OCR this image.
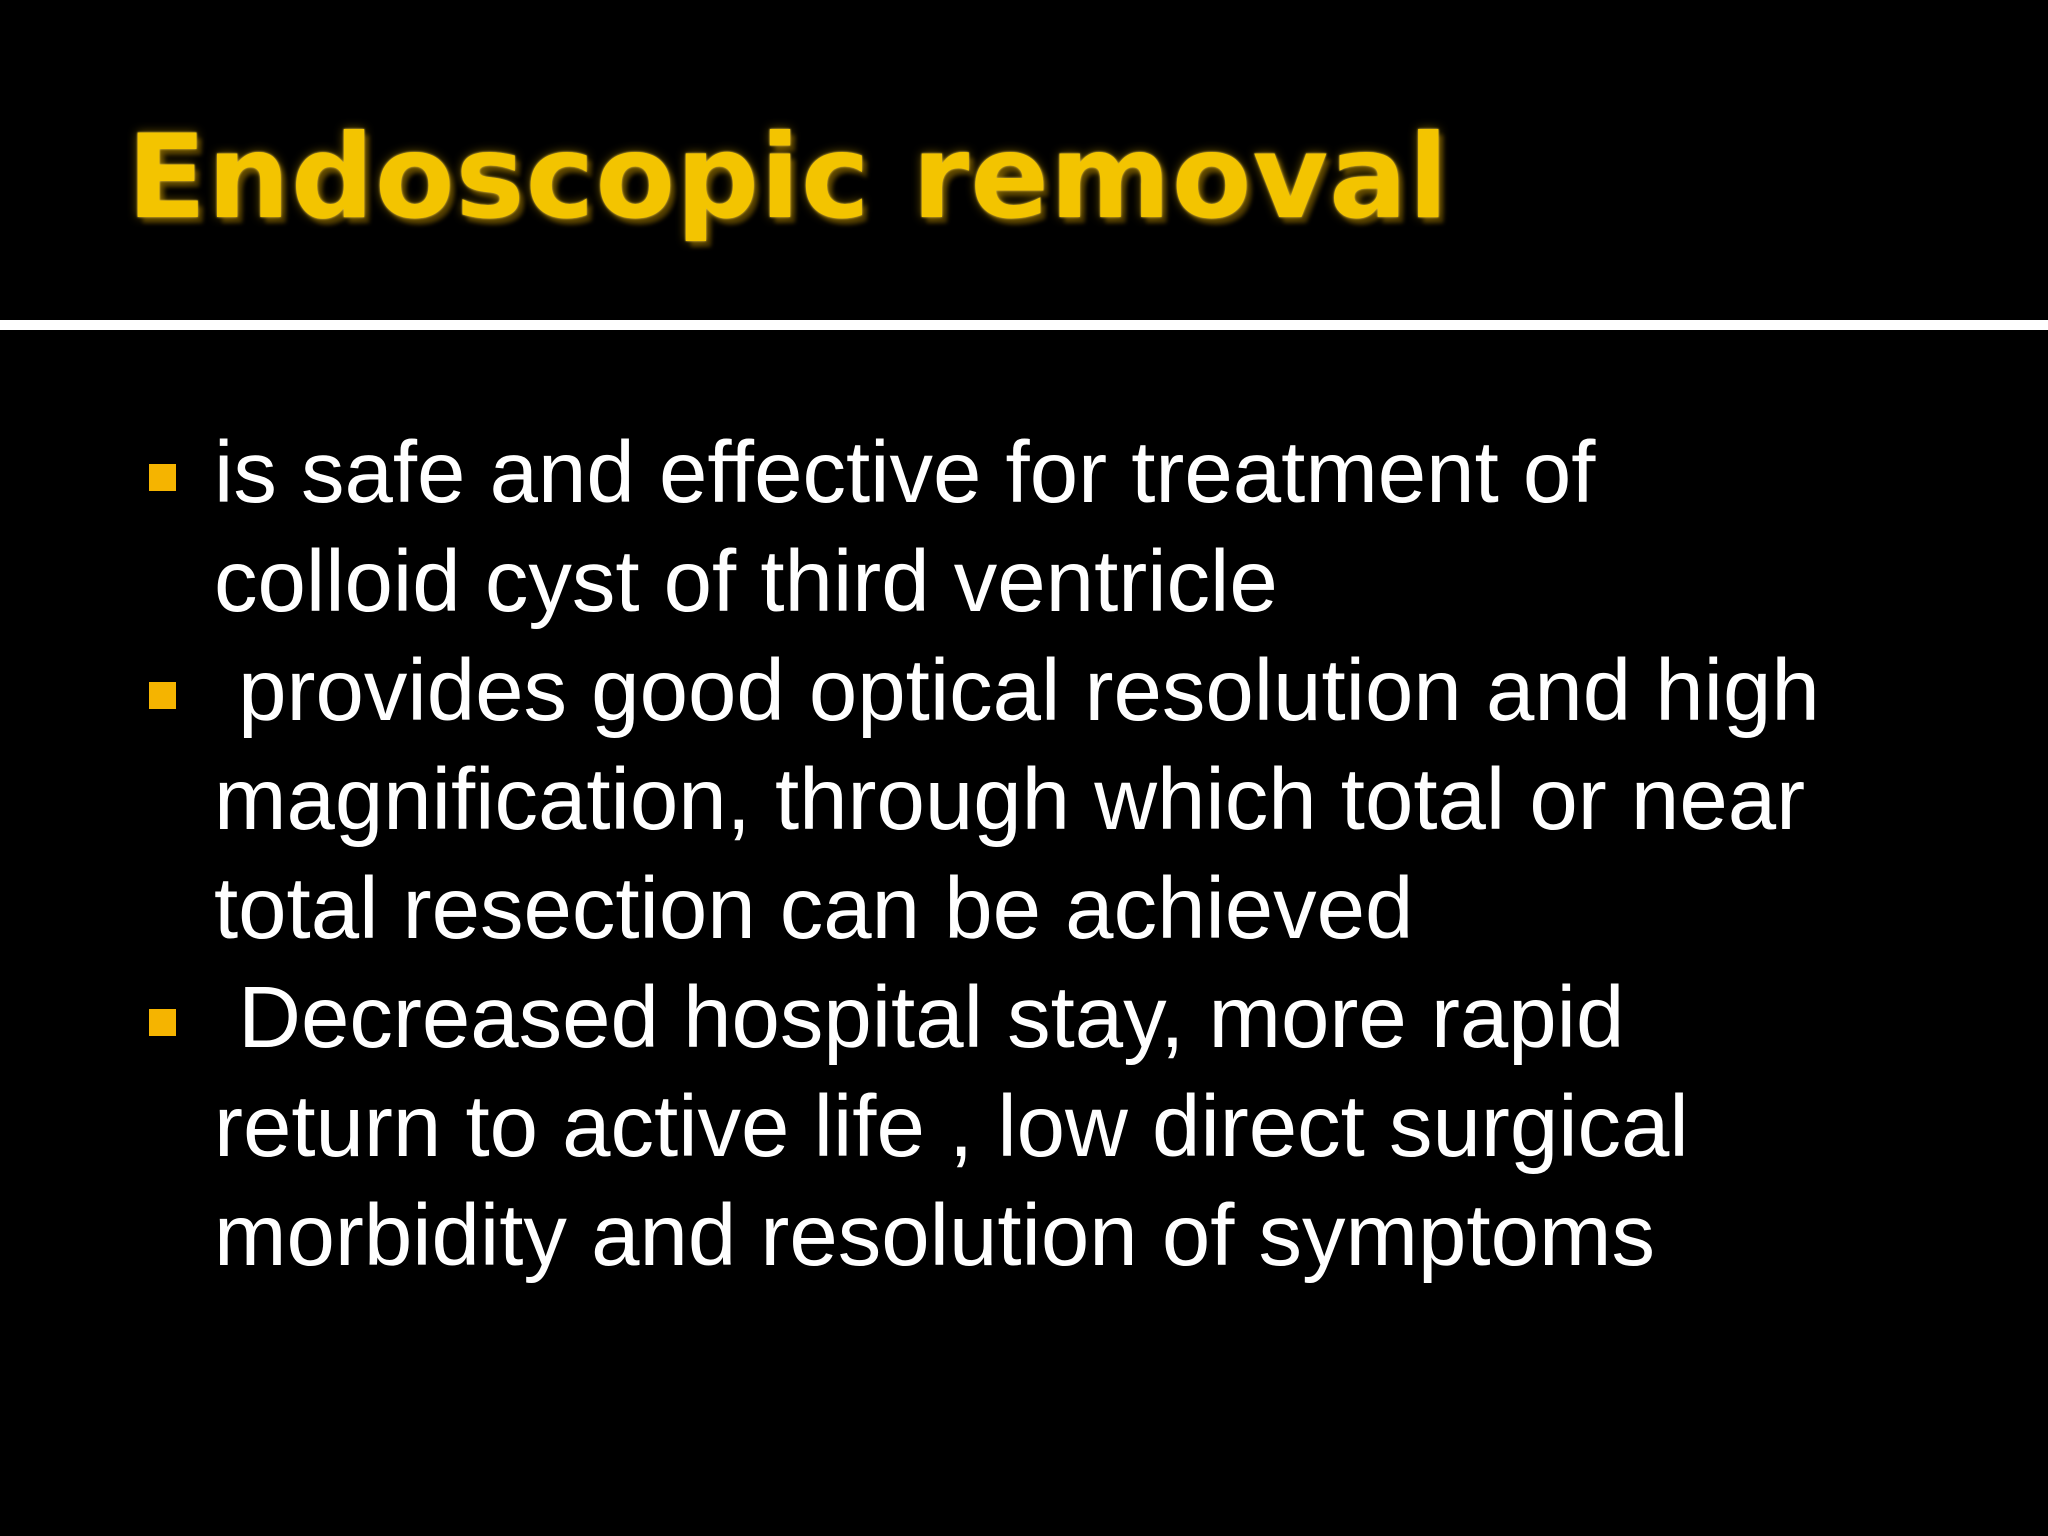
Endoscopic removal
is safe and effective for treatment of
colloid cyst of third ventricle
provides good optical resolution and high
magnification, through which total or near
total resection can be achieved
Decreased hospital stay, more rapid
return to active life , low direct surgical
morbidity and resolution of symptoms
